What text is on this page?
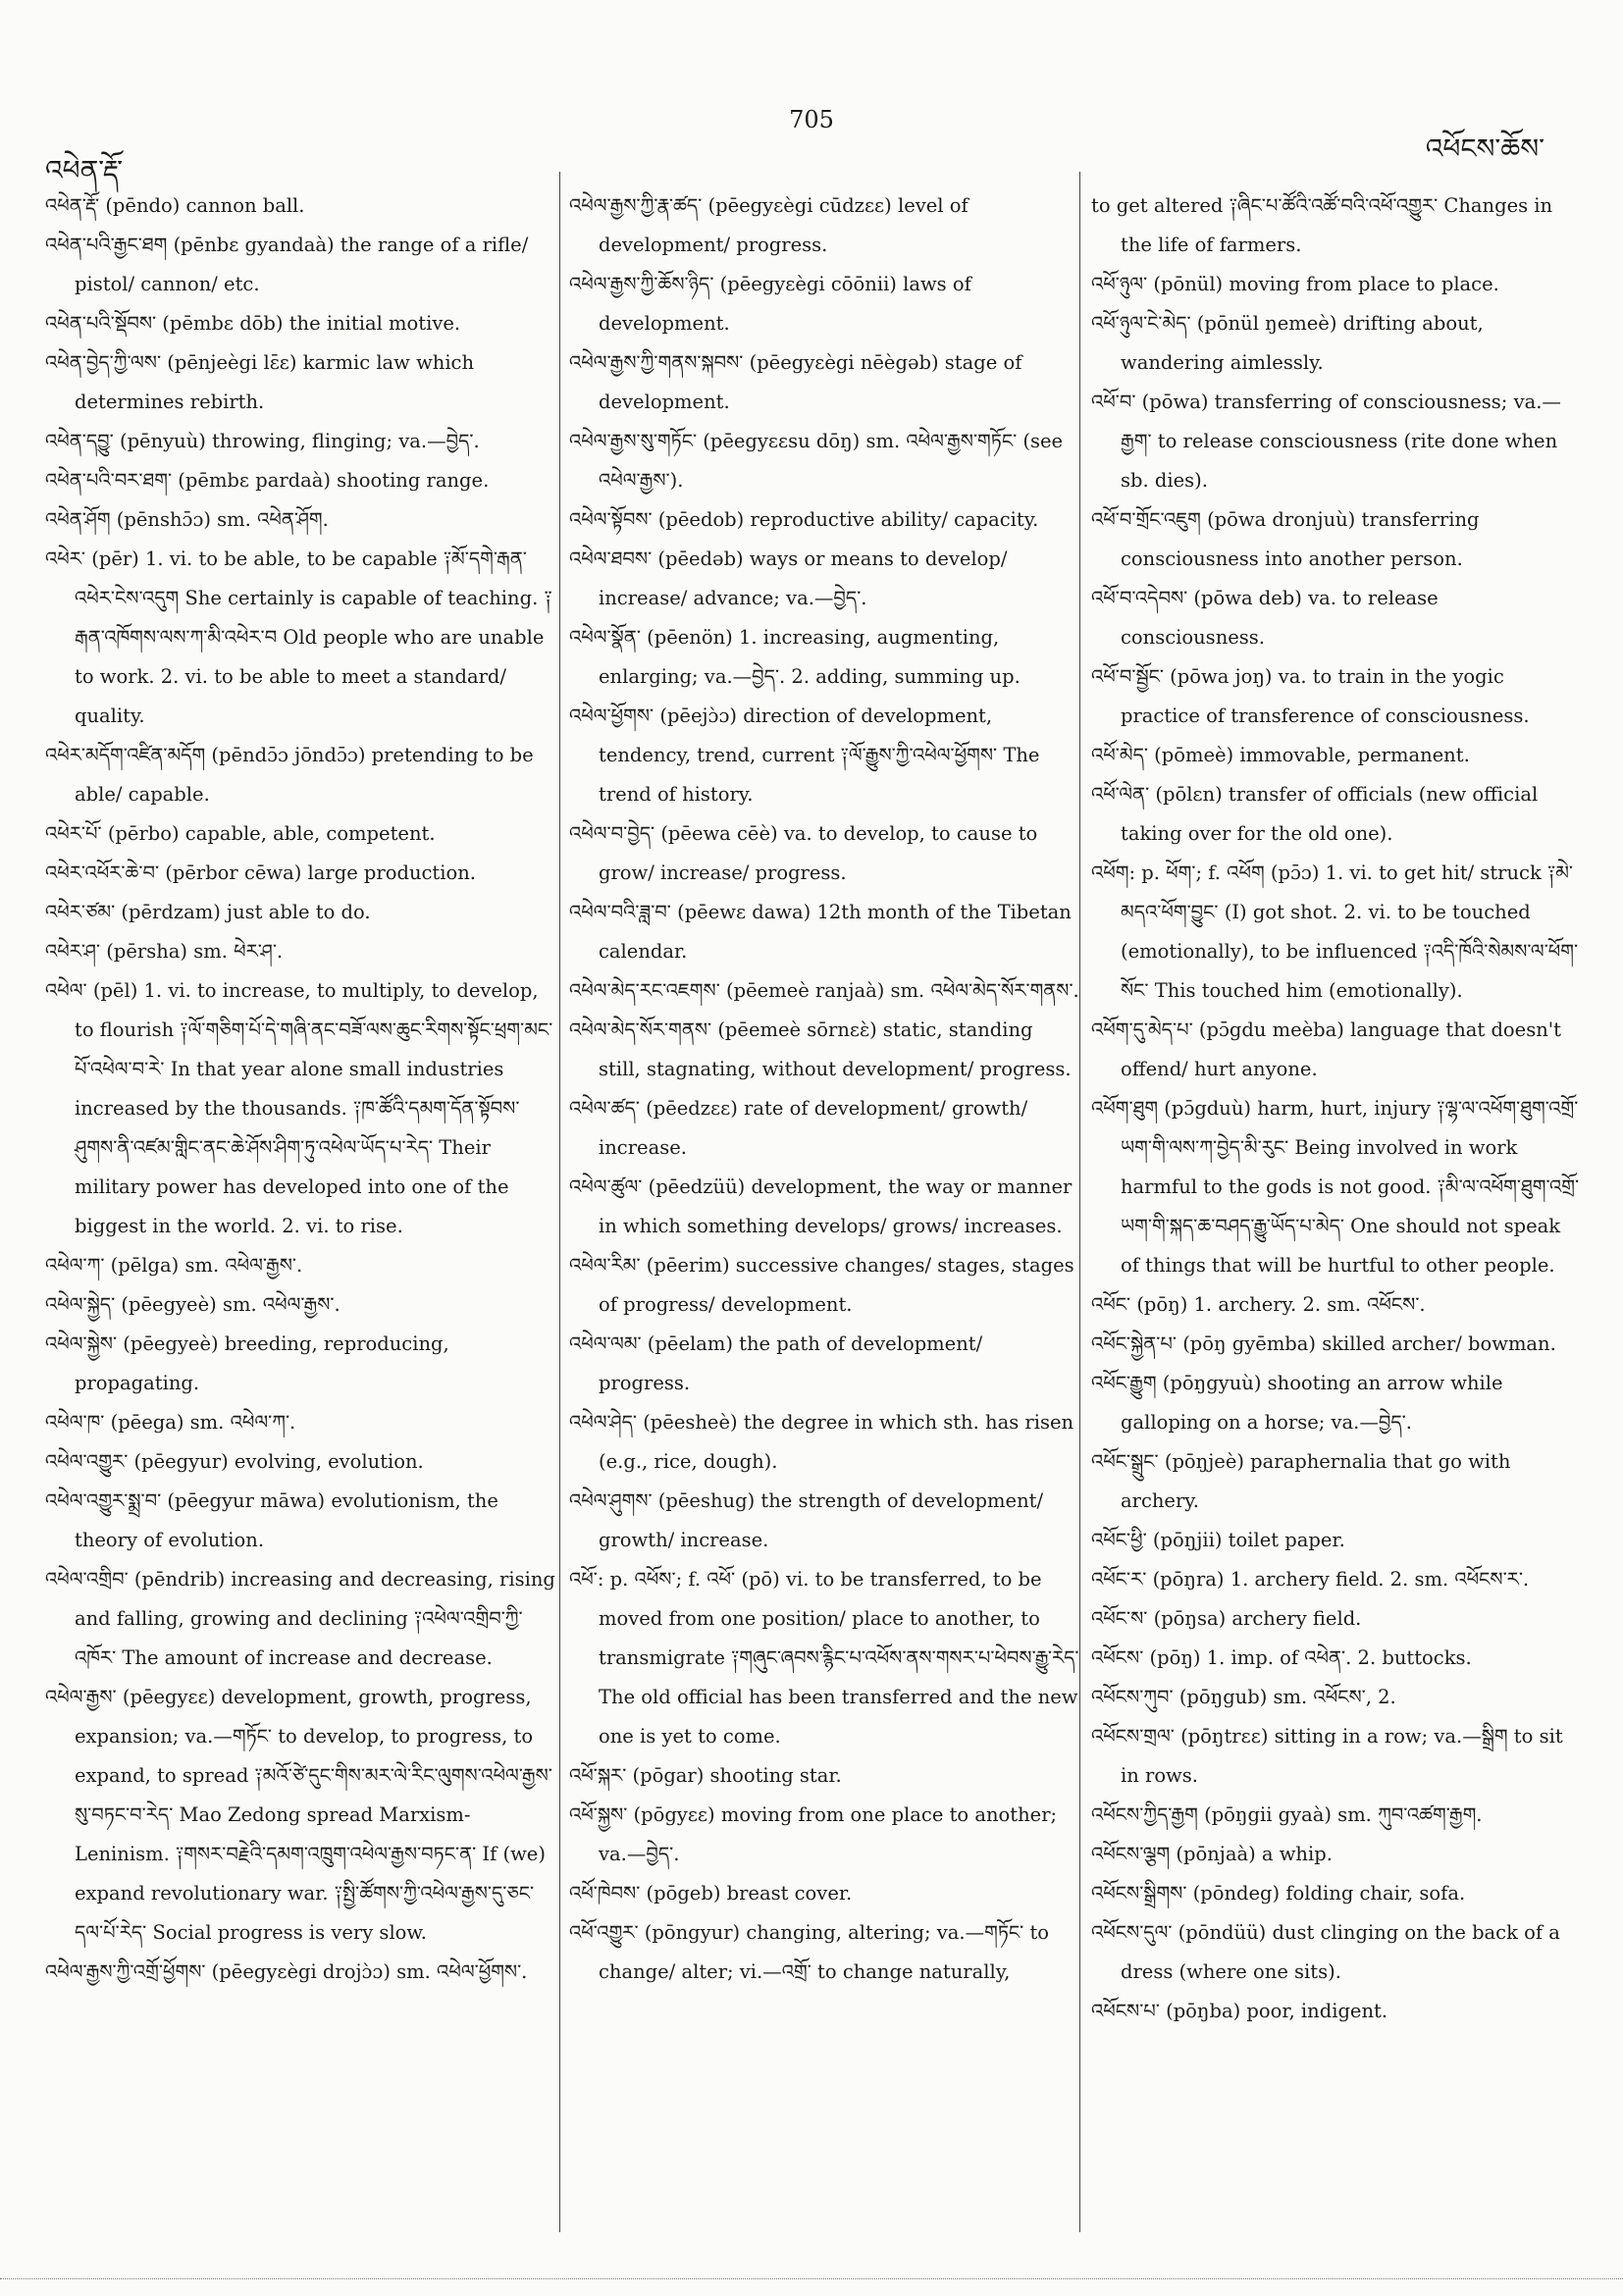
འཕེན་རྡོ་
705
འཕོངས་ཆོས་

འཕེན་རྡོ་ (pēndo) cannon ball.

འཕེན་པའི་རྒྱང་ཐག (pēnbɛ gyandaà) the range of a rifle/ pistol/ cannon/ etc.

འཕེན་པའི་སྡོབས་ (pēmbɛ dōb) the initial motive.

འཕེན་བྱེད་ཀྱི་ལས་ (pēnjeègi lɛ̄ɛ) karmic law which determines rebirth.

འཕེན་དབྱུ་ (pēnyuù) throwing, flinging; va.—བྱེད་.

འཕེན་པའི་བར་ཐག་ (pēmbɛ pardaà) shooting range.

འཕེན་ཤོག (pēnshɔ̄ɔ) sm. འཕེན་ཤོག.

འཕེར་ (pēr) 1. vi. to be able, to be capable ༑མོ་དགེ་རྒན་འཕེར་ངེས་འདུག She certainly is capable of teaching. ༑རྒན་འཁོགས་ལས་ཀ་མི་འཕེར་བ Old people who are unable to work. 2. vi. to be able to meet a standard/ quality.

འཕེར་མདོག་འཛིན་མདོག (pēndɔ̄ɔ jōndɔ̄ɔ) pretending to be able/ capable.

འཕེར་པོ་ (pērbo) capable, able, competent.

འཕེར་འཕོར་ཆེ་བ་ (pērbor cēwa) large production.

འཕེར་ཙམ་ (pērdzam) just able to do.

འཕེར་ཤ་ (pērsha) sm. ཕེར་ཤ་.

འཕེལ་ (pēl) 1. vi. to increase, to multiply, to develop, to flourish ༑ལོ་གཅིག་པོ་དེ་གཞི་ནང་བཟོ་ལས་ཆུང་རིགས་སྟོང་ཕྲག་མང་པོ་འཕེལ་བ་རེ་ In that year alone small industries increased by the thousands. ༑ཁ་ཚོའི་དམག་དོན་སྟོབས་ཤུགས་ནི་འཛམ་གླིང་ནང་ཆེ་ཤོས་ཤིག་ཏུ་འཕེལ་ཡོད་པ་རེད་ Their military power has developed into one of the biggest in the world. 2. vi. to rise.

འཕེལ་ཀ་ (pēlga) sm. འཕེལ་རྒྱས་.

འཕེལ་སྐྱེད་ (pēegyeè) sm. འཕེལ་རྒྱས་.

འཕེལ་སྐྱེས་ (pēegyeè) breeding, reproducing, propagating.

འཕེལ་ཁ་ (pēega) sm. འཕེལ་ཀ་.

འཕེལ་འགྱུར་ (pēegyur) evolving, evolution.

འཕེལ་འགྱུར་སྨྲ་བ་ (pēegyur māwa) evolutionism, the theory of evolution.

འཕེལ་འགྲིབ་ (pēndrib) increasing and decreasing, rising and falling, growing and declining ༑འཕེལ་འགྲིབ་ཀྱི་འཁོར་ The amount of increase and decrease.

འཕེལ་རྒྱས་ (pēegyɛɛ) development, growth, progress, expansion; va.—གཏོང་ to develop, to progress, to expand, to spread ༑མའོ་ཙེ་དུང་གིས་མར་ལེ་རིང་ལུགས་འཕེལ་རྒྱས་སུ་བཏང་བ་རེད་ Mao Zedong spread Marxism-Leninism. ༑གསར་བརྗེའི་དམག་འཁྲུག་འཕེལ་རྒྱས་བཏང་ན་ If (we) expand revolutionary war. ༑སྤྱི་ཚོགས་ཀྱི་འཕེལ་རྒྱས་དུ་ཅང་དལ་པོ་རེད་ Social progress is very slow.

འཕེལ་རྒྱས་ཀྱི་འགྲོ་ཕྱོགས་ (pēegyɛègi drojɔ̀ɔ) sm. འཕེལ་ཕྱོགས་.

འཕེལ་རྒྱས་ཀྱི་རྣ་ཚད་ (pēegyɛègi cūdzɛɛ) level of development/ progress.

འཕེལ་རྒྱས་ཀྱི་ཆོས་ཉིད་ (pēegyɛègi cōōnii) laws of development.

འཕེལ་རྒྱས་ཀྱི་གནས་སྐབས་ (pēegyɛègi nēègəb) stage of development.

འཕེལ་རྒྱས་སུ་གཏོང་ (pēegyɛɛsu dōŋ) sm. འཕེལ་རྒྱས་གཏོང་ (see འཕེལ་རྒྱས་).

འཕེལ་སྟོབས་ (pēedob) reproductive ability/ capacity.

འཕེལ་ཐབས་ (pēedəb) ways or means to develop/ increase/ advance; va.—བྱེད་.

འཕེལ་སྣོན་ (pēenön) 1. increasing, augmenting, enlarging; va.—བྱེད་. 2. adding, summing up.

འཕེལ་ཕྱོགས་ (pēejɔ̀ɔ) direction of development, tendency, trend, current ༑ལོ་རྒྱུས་ཀྱི་འཕེལ་ཕྱོགས་ The trend of history.

འཕེལ་བ་བྱེད་ (pēewa cēè) va. to develop, to cause to grow/ increase/ progress.

འཕེལ་བའི་ཟླ་བ་ (pēewɛ dawa) 12th month of the Tibetan calendar.

འཕེལ་མེད་རང་འཇགས་ (pēemeè ranjaà) sm. འཕེལ་མེད་སོར་གནས་.

འཕེལ་མེད་སོར་གནས་ (pēemeè sōrnɛɛ̀) static, standing still, stagnating, without development/ progress.

འཕེལ་ཚད་ (pēedzɛɛ) rate of development/ growth/ increase.

འཕེལ་ཚུལ་ (pēedzüü) development, the way or manner in which something develops/ grows/ increases.

འཕེལ་རིམ་ (pēerim) successive changes/ stages, stages of progress/ development.

འཕེལ་ལམ་ (pēelam) the path of development/ progress.

འཕེལ་ཤེད་ (pēesheè) the degree in which sth. has risen (e.g., rice, dough).

འཕེལ་ཤུགས་ (pēeshug) the strength of development/ growth/ increase.

འཕོ་: p. འཕོས་; f. འཕོ་ (pō) vi. to be transferred, to be moved from one position/ place to another, to transmigrate ༑གཞུང་ཞབས་རྙིང་པ་འཕོས་ནས་གསར་པ་ཕེབས་རྒྱུ་རེད་ The old official has been transferred and the new one is yet to come.

འཕོ་སྐར་ (pōgar) shooting star.

འཕོ་སྐྱས་ (pōgyɛɛ) moving from one place to another; va.—བྱེད་.

འཕོ་ཁེབས་ (pōgeb) breast cover.

འཕོ་འགྱུར་ (pōngyur) changing, altering; va.—གཏོང་ to change/ alter; vi.—འགྲོ་ to change naturally,

to get altered ༑ཞིང་པ་ཚོའི་འཚོ་བའི་འཕོ་འགྱུར་ Changes in the life of farmers.

འཕོ་ཉུལ་ (pōnül) moving from place to place.

འཕོ་ཉུལ་ངེ་མེད་ (pōnül ŋemeè) drifting about, wandering aimlessly.

འཕོ་བ་ (pōwa) transferring of consciousness; va.—རྒྱག་ to release consciousness (rite done when sb. dies).

འཕོ་བ་གྲོང་འཇུག (pōwa dronjuù) transferring consciousness into another person.

འཕོ་བ་འདེབས་ (pōwa deb) va. to release consciousness.

འཕོ་བ་སྦྱོང་ (pōwa joŋ) va. to train in the yogic practice of transference of consciousness.

འཕོ་མེད་ (pōmeè) immovable, permanent.

འཕོ་ལེན་ (pōlɛn) transfer of officials (new official taking over for the old one).

འཕོག: p. ཕོག་; f. འཕོག (pɔ̄ɔ) 1. vi. to get hit/ struck ༑མེ་མདའ་ཕོག་བྱུང་ (I) got shot. 2. vi. to be touched (emotionally), to be influenced ༑འདི་ཁོའི་སེམས་ལ་ཕོག་སོང་ This touched him (emotionally).

འཕོག་དུ་མེད་པ་ (pɔ̄gdu meèba) language that doesn't offend/ hurt anyone.

འཕོག་ཐུག (pɔ̄gduù) harm, hurt, injury ༑ལྷ་ལ་འཕོག་ཐུག་འགྲོ་ཡག་གི་ལས་ཀ་བྱེད་མི་རུང་ Being involved in work harmful to the gods is not good. ༑མི་ལ་འཕོག་ཐུག་འགྲོ་ཡག་གི་སྐད་ཆ་བཤད་རྒྱུ་ཡོད་པ་མེད་ One should not speak of things that will be hurtful to other people.

འཕོང་ (pōŋ) 1. archery. 2. sm. འཕོངས་.

འཕོང་སྐྱེན་པ་ (pōŋ gyēmba) skilled archer/ bowman.

འཕོང་རྒྱུག (pōŋgyuù) shooting an arrow while galloping on a horse; va.—བྱེད་.

འཕོང་སྒྲུང་ (pōŋjeè) paraphernalia that go with archery.

འཕོང་ཕྱི་ (pōŋjii) toilet paper.

འཕོང་ར་ (pōŋra) 1. archery field. 2. sm. འཕོངས་ར་.

འཕོང་ས་ (pōŋsa) archery field.

འཕོངས་ (pōŋ) 1. imp. of འཕེན་. 2. buttocks.

འཕོངས་ཀུབ་ (pōŋgub) sm. འཕོངས་, 2.

འཕོངས་གྲལ་ (pōŋtrɛɛ) sitting in a row; va.—སྒྲིག to sit in rows.

འཕོངས་ཀྱིད་རྒྱག (pōŋgii gyaà) sm. ཀུབ་འཚག་རྒྱག.

འཕོངས་ལྕག (pōnjaà) a whip.

འཕོངས་སྒྲིགས་ (pōndeg) folding chair, sofa.

འཕོངས་དུལ་ (pōndüü) dust clinging on the back of a dress (where one sits).

འཕོངས་པ་ (pōŋba) poor, indigent.
